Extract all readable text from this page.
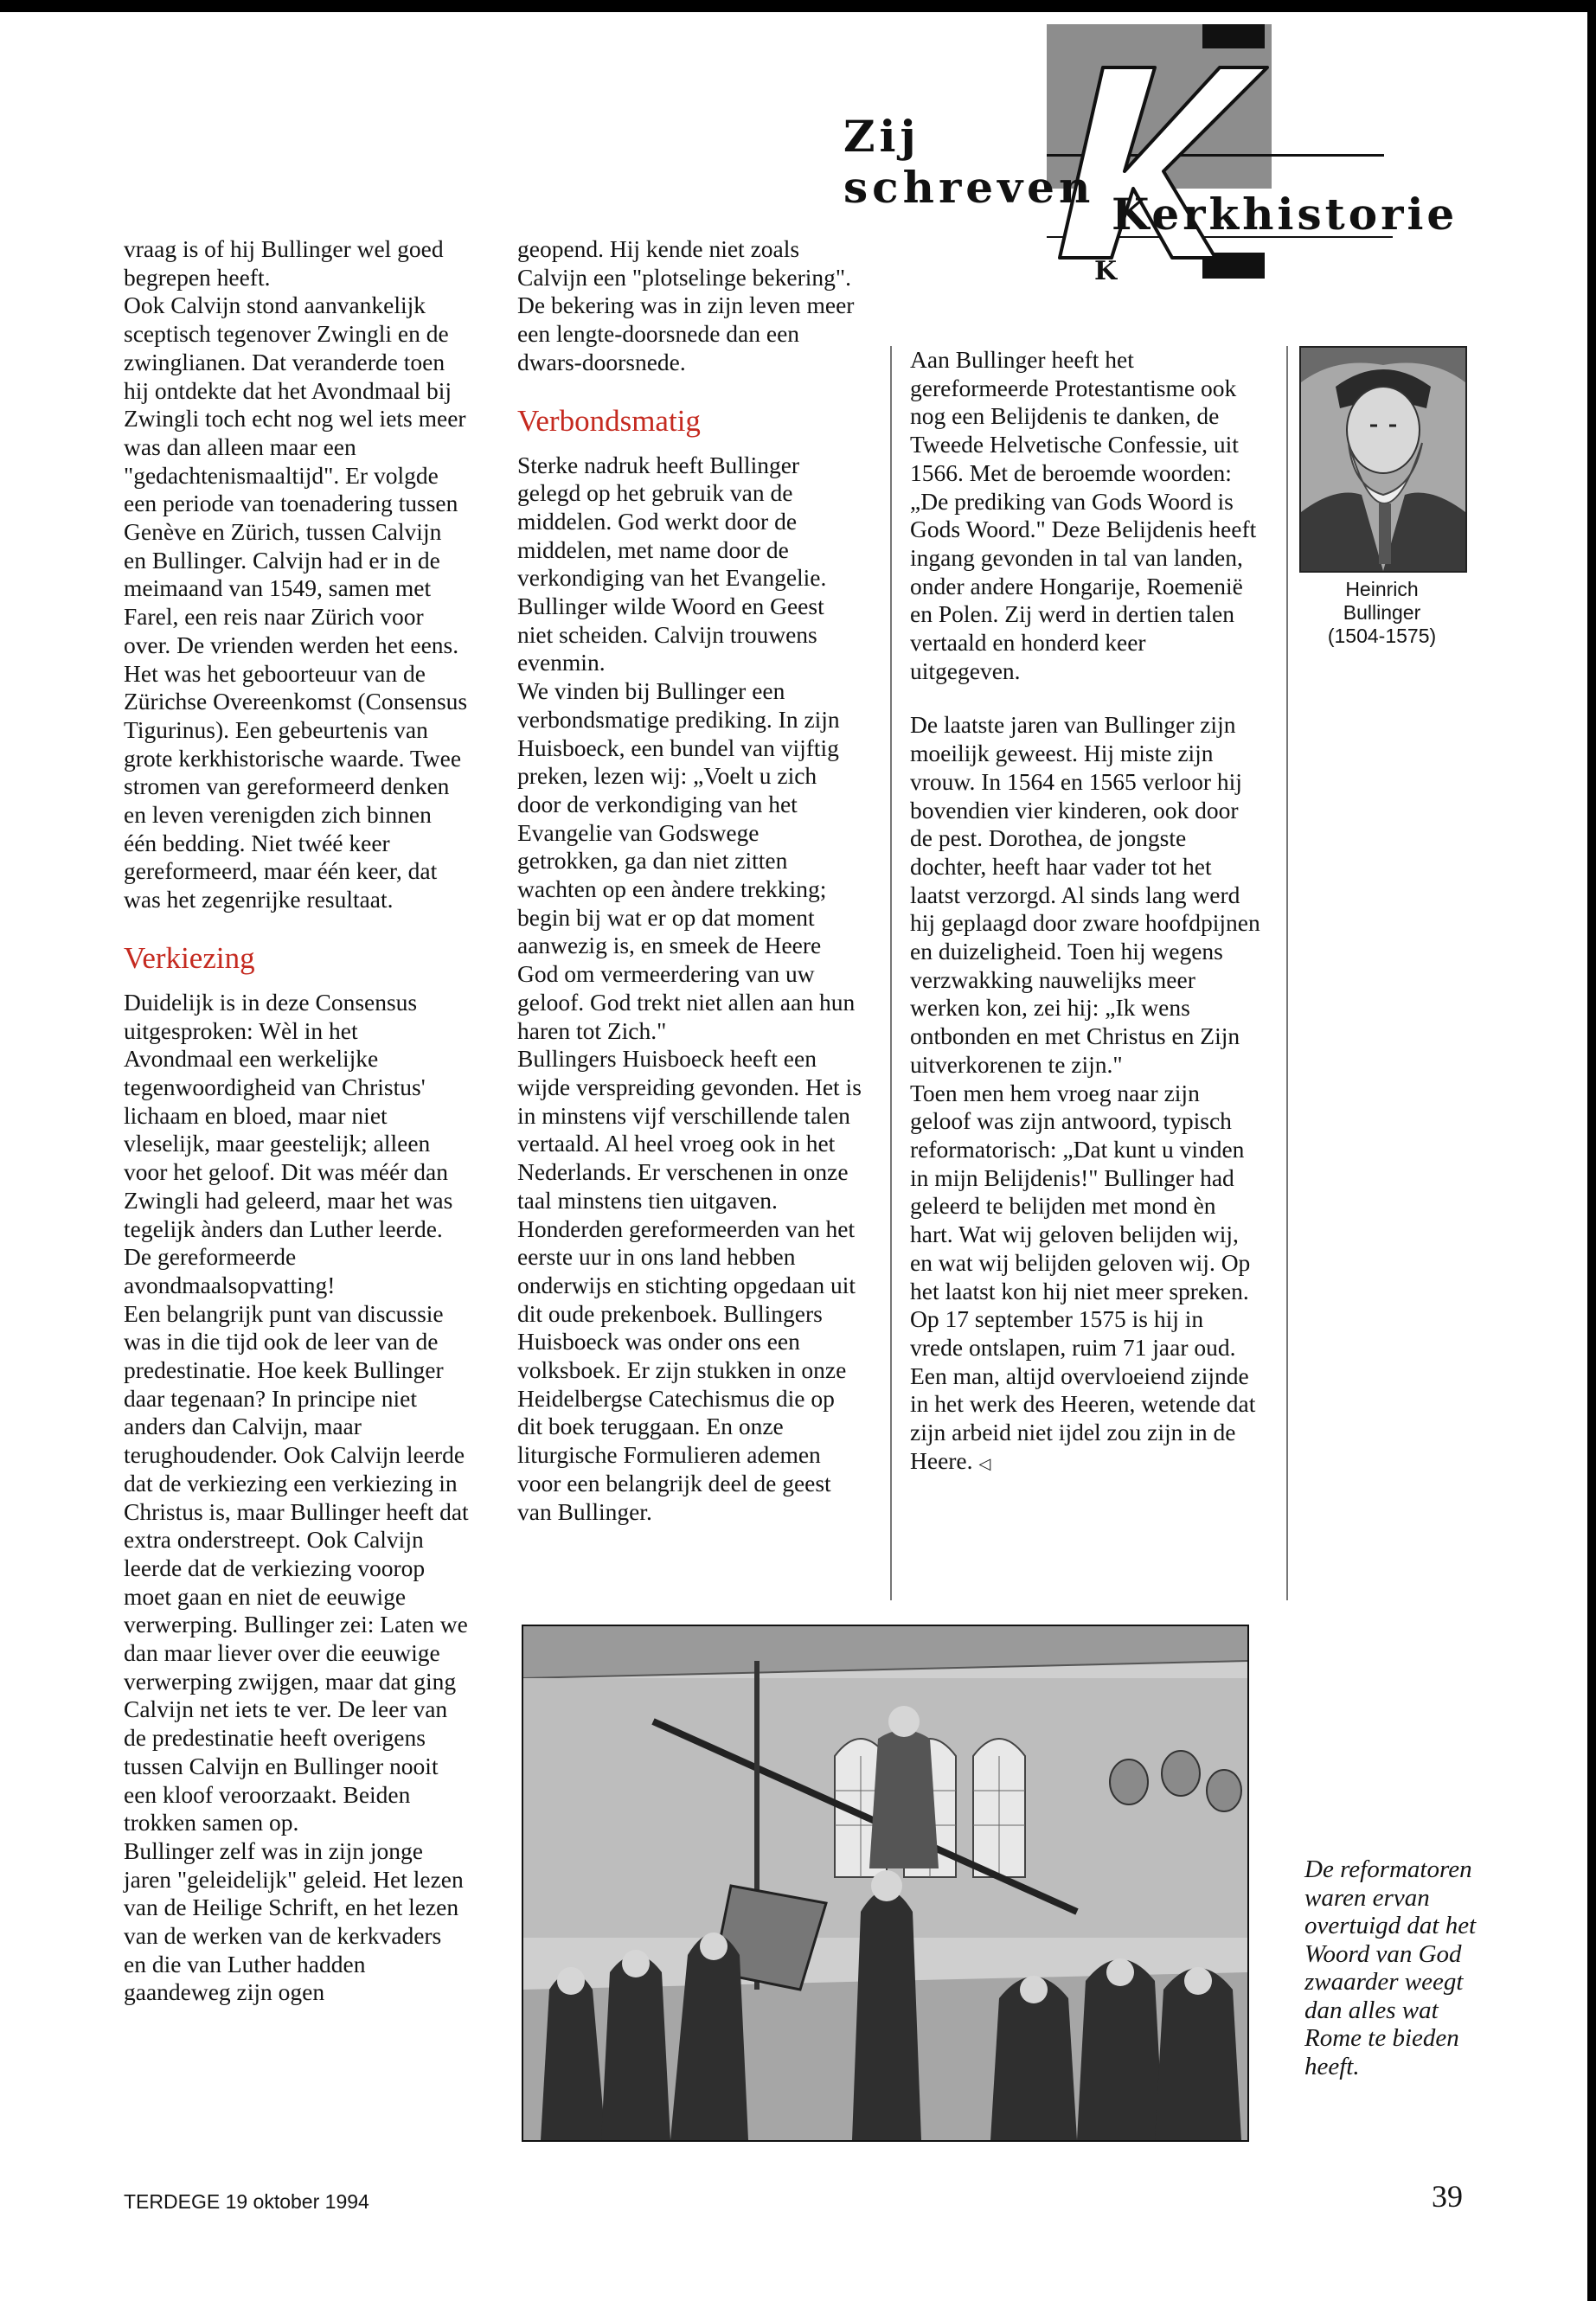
K
Zij schreven
Kerkhistorie

vraag is of hij Bullinger wel goed begrepen heeft.

Ook Calvijn stond aanvankelijk sceptisch tegenover Zwingli en de zwinglianen. Dat veranderde toen hij ontdekte dat het Avondmaal bij Zwingli toch echt nog wel iets meer was dan alleen maar een "gedachtenismaaltijd". Er volgde een periode van toenadering tussen Genève en Zürich, tussen Calvijn en Bullinger. Calvijn had er in de meimaand van 1549, samen met Farel, een reis naar Zürich voor over. De vrienden werden het eens. Het was het geboorteuur van de Zürichse Overeenkomst (Consensus Tigurinus). Een gebeurtenis van grote kerkhistorische waarde. Twee stromen van gereformeerd denken en leven verenigden zich binnen één bedding. Niet twéé keer gereformeerd, maar één keer, dat was het zegenrijke resultaat.

Verkiezing

Duidelijk is in deze Consensus uitgesproken: Wèl in het Avondmaal een werkelijke tegenwoordigheid van Christus' lichaam en bloed, maar niet vleselijk, maar geestelijk; alleen voor het geloof. Dit was méér dan Zwingli had geleerd, maar het was tegelijk ànders dan Luther leerde. De gereformeerde avondmaalsopvatting!

Een belangrijk punt van discussie was in die tijd ook de leer van de predestinatie. Hoe keek Bullinger daar tegenaan? In principe niet anders dan Calvijn, maar terughoudender. Ook Calvijn leerde dat de verkiezing een verkiezing in Christus is, maar Bullinger heeft dat extra onderstreept. Ook Calvijn leerde dat de verkiezing voorop moet gaan en niet de eeuwige verwerping. Bullinger zei: Laten we dan maar liever over die eeuwige verwerping zwijgen, maar dat ging Calvijn net iets te ver. De leer van de predestinatie heeft overigens tussen Calvijn en Bullinger nooit een kloof veroorzaakt. Beiden trokken samen op.

Bullinger zelf was in zijn jonge jaren "geleidelijk" geleid. Het lezen van de Heilige Schrift, en het lezen van de werken van de kerkvaders en die van Luther hadden gaandeweg zijn ogen

geopend. Hij kende niet zoals Calvijn een "plotselinge bekering". De bekering was in zijn leven meer een lengte-doorsnede dan een dwars-doorsnede.

Verbondsmatig

Sterke nadruk heeft Bullinger gelegd op het gebruik van de middelen. God werkt door de middelen, met name door de verkondiging van het Evangelie. Bullinger wilde Woord en Geest niet scheiden. Calvijn trouwens evenmin.

We vinden bij Bullinger een verbondsmatige prediking. In zijn Huisboeck, een bundel van vijftig preken, lezen wij: „Voelt u zich door de verkondiging van het Evangelie van Godswege getrokken, ga dan niet zitten wachten op een àndere trekking; begin bij wat er op dat moment aanwezig is, en smeek de Heere God om vermeerdering van uw geloof. God trekt niet allen aan hun haren tot Zich."

Bullingers Huisboeck heeft een wijde verspreiding gevonden. Het is in minstens vijf verschillende talen vertaald. Al heel vroeg ook in het Nederlands. Er verschenen in onze taal minstens tien uitgaven. Honderden gereformeerden van het eerste uur in ons land hebben onderwijs en stichting opgedaan uit dit oude prekenboek. Bullingers Huisboeck was onder ons een volksboek. Er zijn stukken in onze Heidelbergse Catechismus die op dit boek teruggaan. En onze liturgische Formulieren ademen voor een belangrijk deel de geest van Bullinger.

Aan Bullinger heeft het gereformeerde Protestantisme ook nog een Belijdenis te danken, de Tweede Helvetische Confessie, uit 1566. Met de beroemde woorden: „De prediking van Gods Woord is Gods Woord." Deze Belijdenis heeft ingang gevonden in tal van landen, onder andere Hongarije, Roemenië en Polen. Zij werd in dertien talen vertaald en honderd keer uitgegeven.

De laatste jaren van Bullinger zijn moeilijk geweest. Hij miste zijn vrouw. In 1564 en 1565 verloor hij bovendien vier kinderen, ook door de pest. Dorothea, de jongste dochter, heeft haar vader tot het laatst verzorgd. Al sinds lang werd hij geplaagd door zware hoofdpijnen en duizeligheid. Toen hij wegens verzwakking nauwelijks meer werken kon, zei hij: „Ik wens ontbonden en met Christus en Zijn uitverkorenen te zijn."

Toen men hem vroeg naar zijn geloof was zijn antwoord, typisch reformatorisch: „Dat kunt u vinden in mijn Belijdenis!" Bullinger had geleerd te belijden met mond èn hart. Wat wij geloven belijden wij, en wat wij belijden geloven wij. Op het laatst kon hij niet meer spreken. Op 17 september 1575 is hij in vrede ontslapen, ruim 71 jaar oud. Een man, altijd overvloeiend zijnde in het werk des Heeren, wetende dat zijn arbeid niet ijdel zou zijn in de Heere. ◁

Heinrich
Bullinger
(1504-1575)
De reformatoren waren ervan overtuigd dat het Woord van God zwaarder weegt dan alles wat Rome te bieden heeft.
TERDEGE 19 oktober 1994	39
